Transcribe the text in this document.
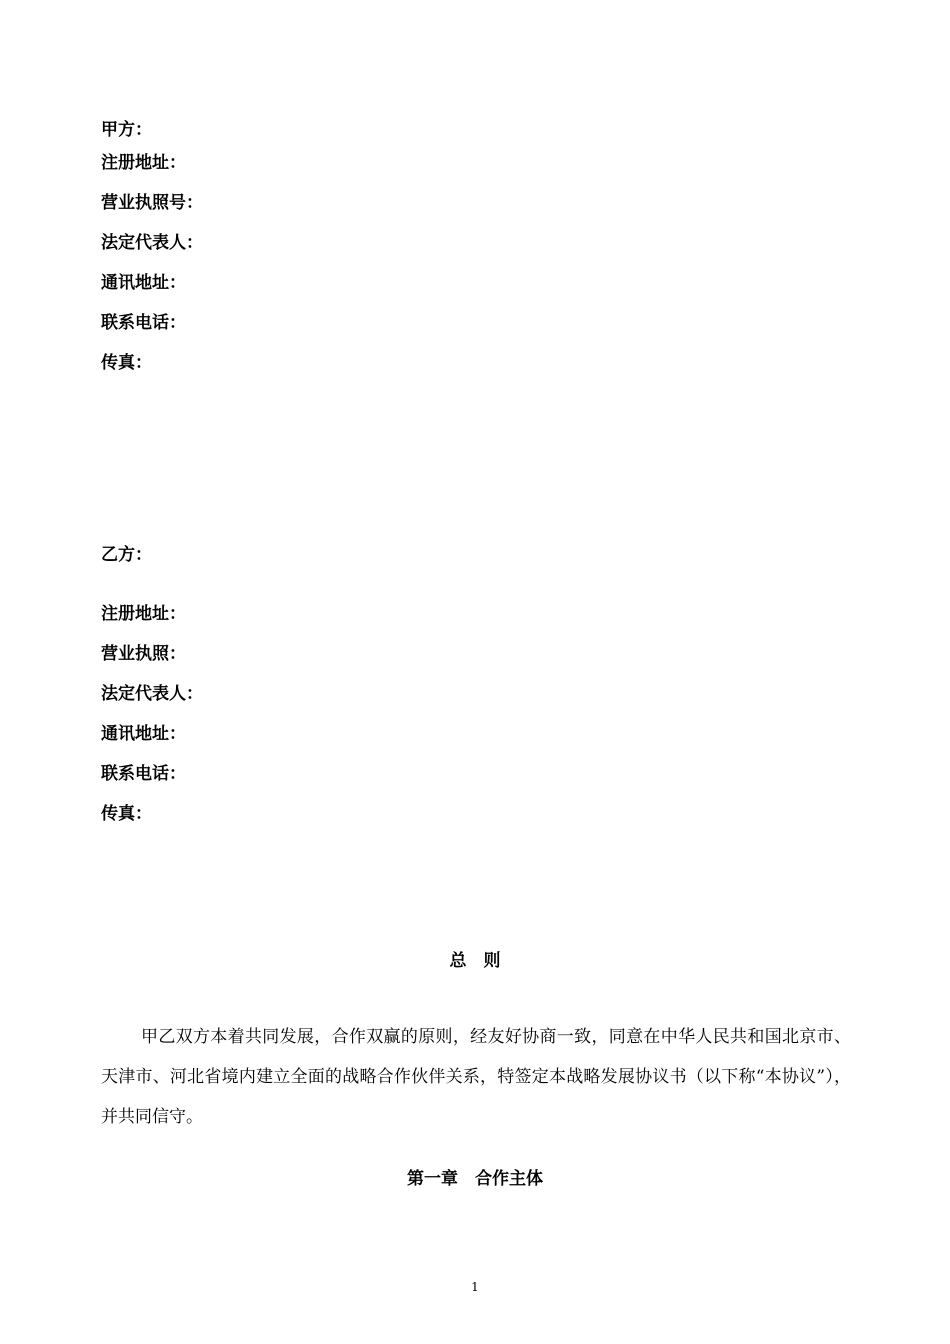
甲方：
注册地址：
营业执照号：
法定代表人：
通讯地址：
联系电话：
传真：
乙方：
注册地址：
营业执照：
法定代表人：
通讯地址：
联系电话：
传真：
总　则
甲乙双方本着共同发展，合作双赢的原则，经友好协商一致，同意在中华人民共和国北京市、天津市、河北省境内建立全面的战略合作伙伴关系，特签定本战略发展协议书（以下称“本协议”），并共同信守。
第一章　合作主体
1
